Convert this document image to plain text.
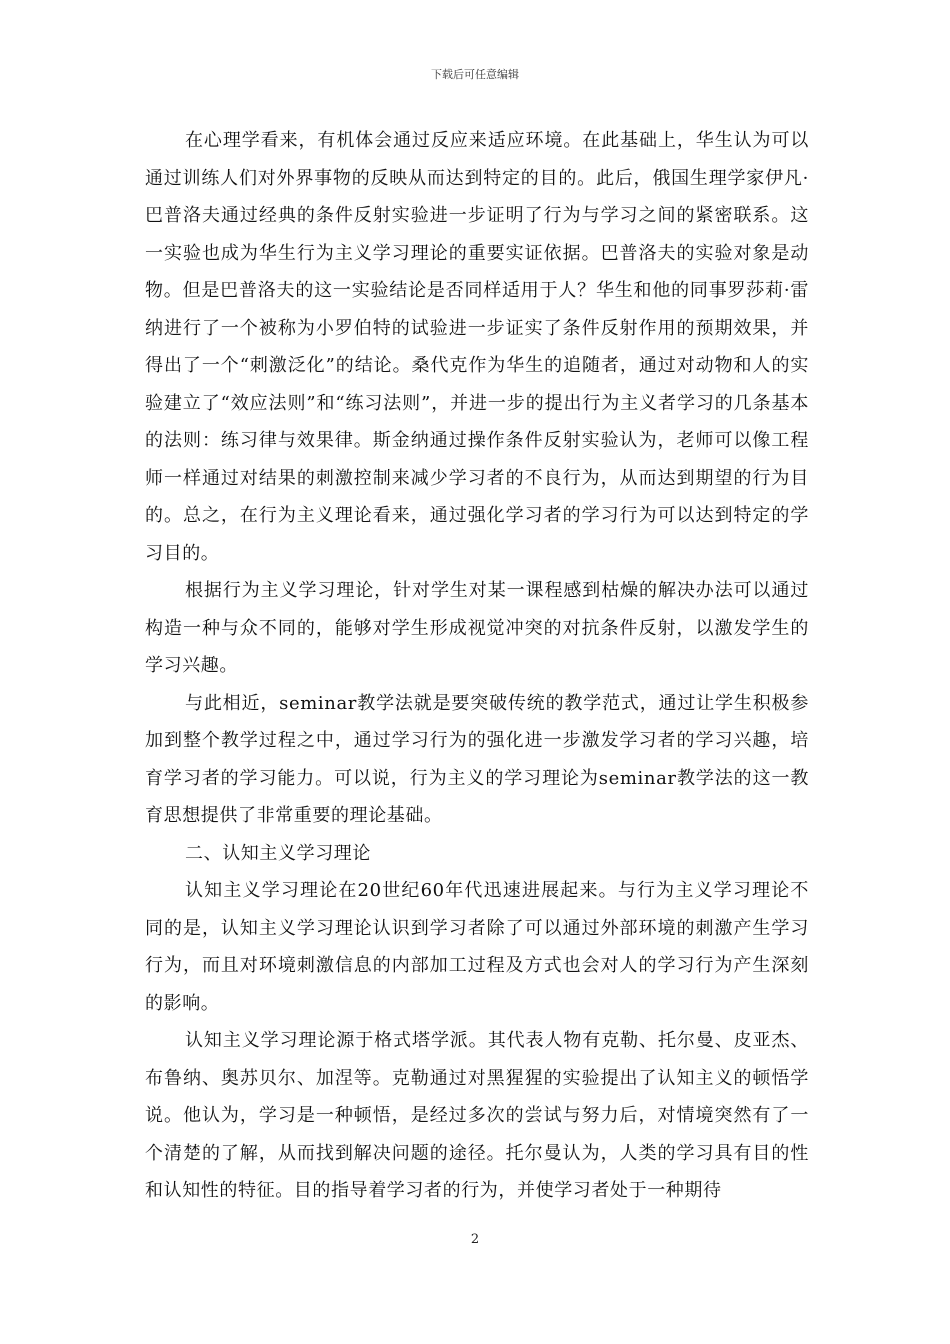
下载后可任意编辑

在心理学看来，有机体会通过反应来适应环境。在此基础上，华生认为可以通过训练人们对外界事物的反映从而达到特定的目的。此后，俄国生理学家伊凡·巴普洛夫通过经典的条件反射实验进一步证明了行为与学习之间的紧密联系。这一实验也成为华生行为主义学习理论的重要实证依据。巴普洛夫的实验对象是动物。但是巴普洛夫的这一实验结论是否同样适用于人？华生和他的同事罗莎莉·雷纳进行了一个被称为小罗伯特的试验进一步证实了条件反射作用的预期效果，并得出了一个“刺激泛化”的结论。桑代克作为华生的追随者，通过对动物和人的实验建立了“效应法则”和“练习法则”，并进一步的提出行为主义者学习的几条基本的法则：练习律与效果律。斯金纳通过操作条件反射实验认为，老师可以像工程师一样通过对结果的刺激控制来减少学习者的不良行为，从而达到期望的行为目的。总之，在行为主义理论看来，通过强化学习者的学习行为可以达到特定的学习目的。

根据行为主义学习理论，针对学生对某一课程感到枯燥的解决办法可以通过构造一种与众不同的，能够对学生形成视觉冲突的对抗条件反射，以激发学生的学习兴趣。

与此相近，seminar教学法就是要突破传统的教学范式，通过让学生积极参加到整个教学过程之中，通过学习行为的强化进一步激发学习者的学习兴趣，培育学习者的学习能力。可以说，行为主义的学习理论为seminar教学法的这一教育思想提供了非常重要的理论基础。

二、认知主义学习理论

认知主义学习理论在20世纪60年代迅速进展起来。与行为主义学习理论不同的是，认知主义学习理论认识到学习者除了可以通过外部环境的刺激产生学习行为，而且对环境刺激信息的内部加工过程及方式也会对人的学习行为产生深刻的影响。

认知主义学习理论源于格式塔学派。其代表人物有克勒、托尔曼、皮亚杰、布鲁纳、奥苏贝尔、加涅等。克勒通过对黑猩猩的实验提出了认知主义的顿悟学说。他认为，学习是一种顿悟，是经过多次的尝试与努力后，对情境突然有了一个清楚的了解，从而找到解决问题的途径。托尔曼认为，人类的学习具有目的性和认知性的特征。目的指导着学习者的行为，并使学习者处于一种期待

2
